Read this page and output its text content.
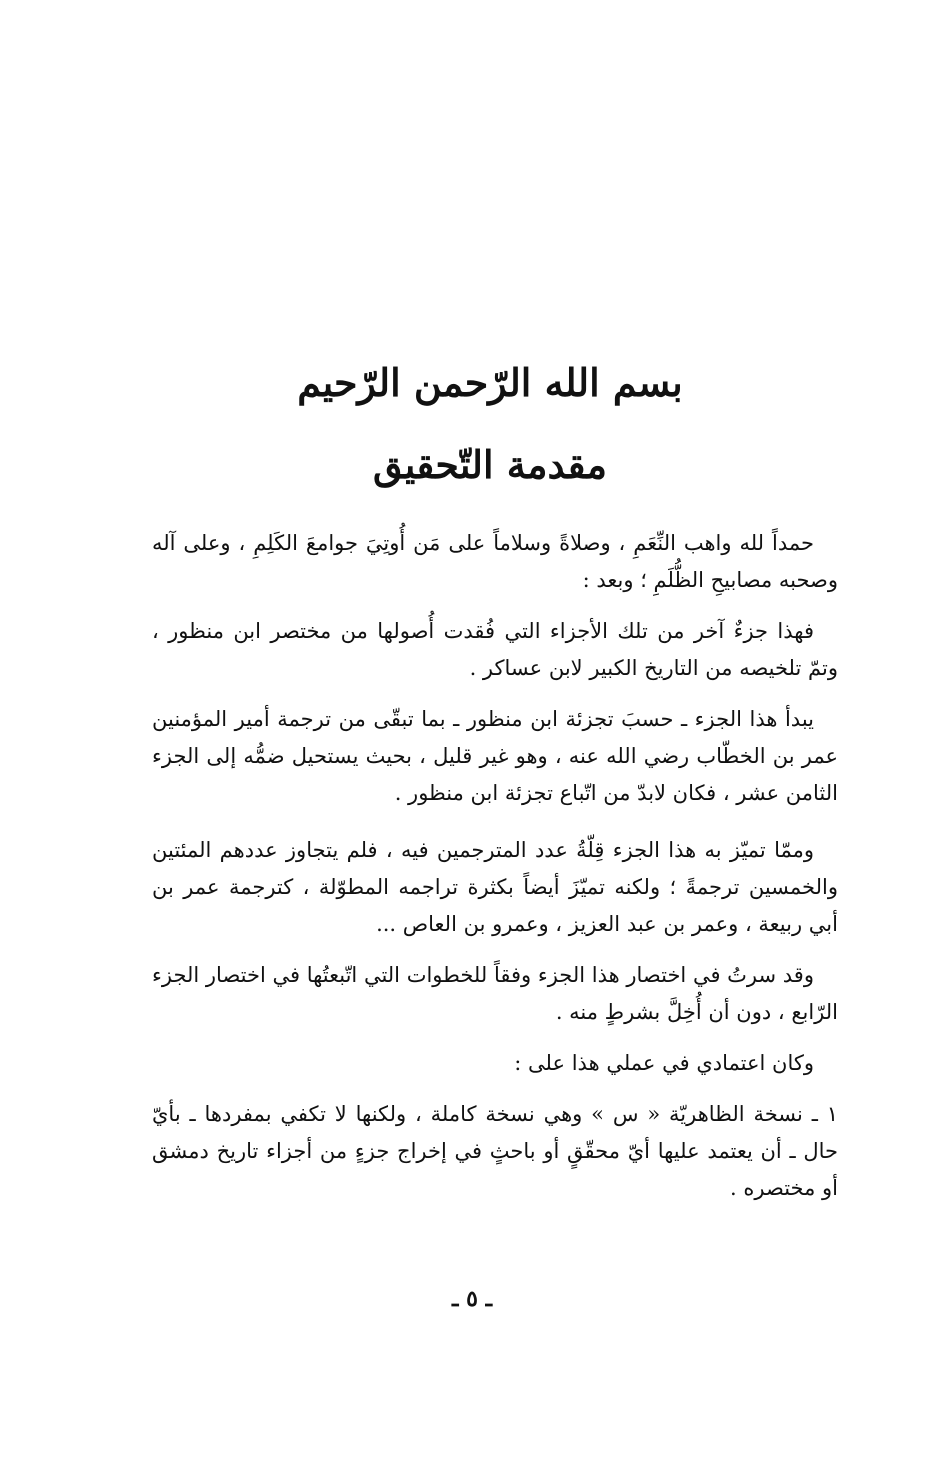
بسم الله الرّحمن الرّحيم
مقدمة التّحقيق

حمداً لله واهب النِّعَمِ ، وصلاةً وسلاماً على مَن أُوتِيَ جوامعَ الكَلِمِ ، وعلى آله وصحبه مصابيحِ الظُّلَمِ ؛ وبعد :

فهذا جزءٌ آخر من تلك الأجزاء التي فُقدت أُصولها من مختصر ابن منظور ، وتمّ تلخيصه من التاريخ الكبير لابن عساكر .

يبدأ هذا الجزء ـ حسبَ تجزئة ابن منظور ـ بما تبقّى من ترجمة أمير المؤمنين عمر بن الخطّاب رضي الله عنه ، وهو غير قليل ، بحيث يستحيل ضمُّه إلى الجزء الثامن عشر ، فكان لابدّ من اتّباع تجزئة ابن منظور .

وممّا تميّز به هذا الجزء قِلّةُ عدد المترجمين فيه ، فلم يتجاوز عددهم المئتين والخمسين ترجمةً ؛ ولكنه تميّزَ أيضاً بكثرة تراجمه المطوّلة ، كترجمة عمر بن أبي ربيعة ، وعمر بن عبد العزيز ، وعمرو بن العاص ...

وقد سرتُ في اختصار هذا الجزء وفقاً للخطوات التي اتّبعتُها في اختصار الجزء الرّابع ، دون أن أُخِلَّ بشرطٍ منه .

وكان اعتمادي في عملي هذا على :

١ ـ نسخة الظاهريّة « س » وهي نسخة كاملة ، ولكنها لا تكفي بمفردها ـ بأيّ حال ـ أن يعتمد عليها أيّ محقّقٍ أو باحثٍ في إخراج جزءٍ من أجزاء تاريخ دمشق أو مختصره .

ـ ٥ ـ
